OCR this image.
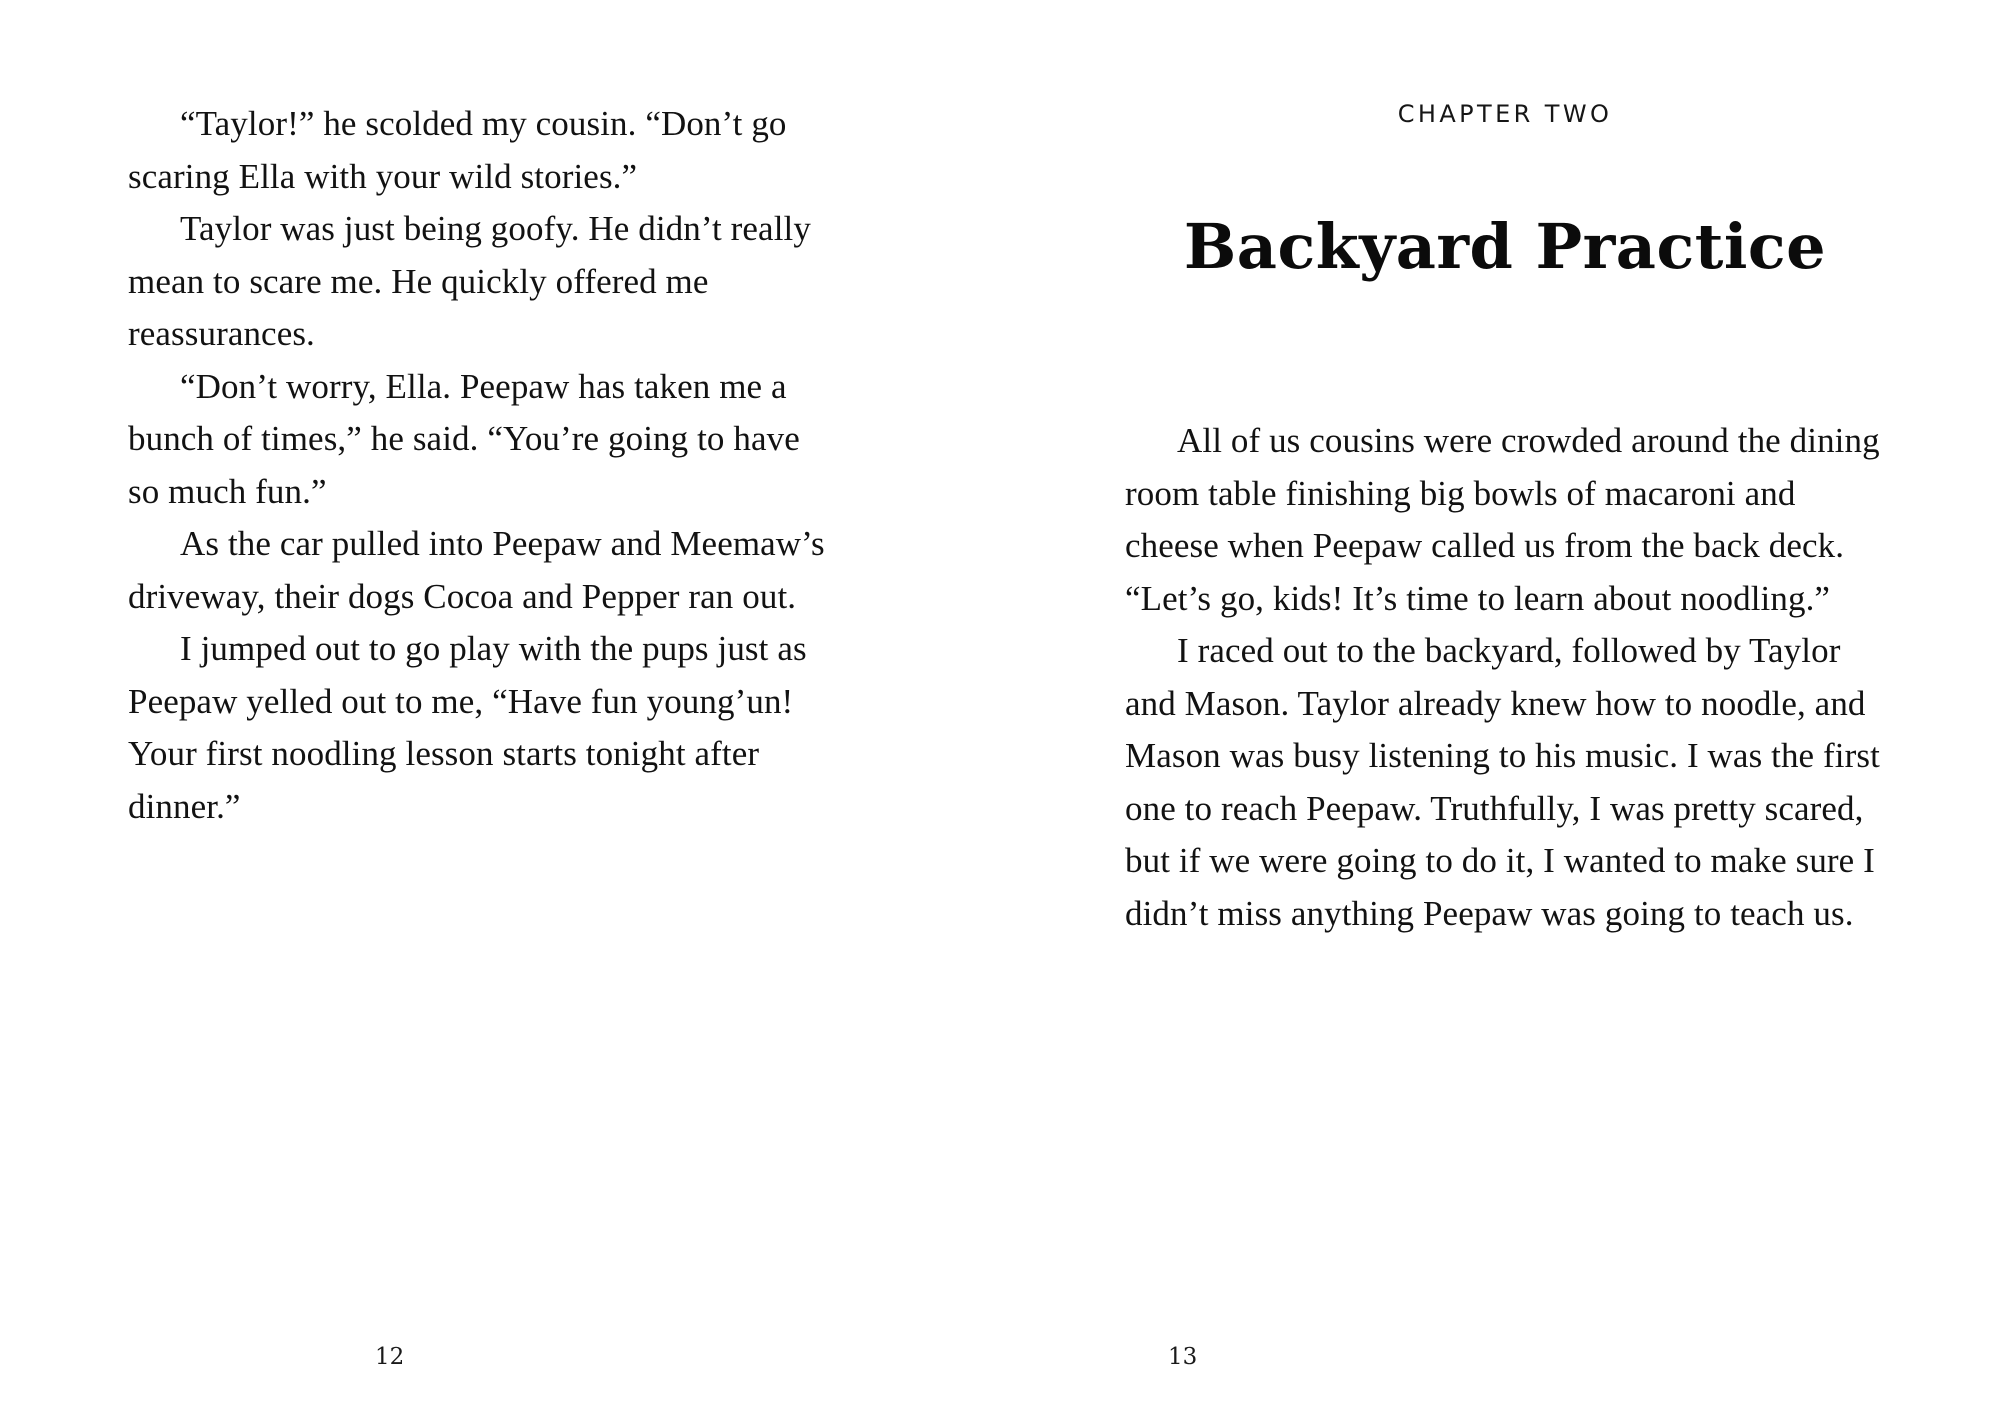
“Taylor!” he scolded my cousin. “Don’t go scaring Ella with your wild stories.”

Taylor was just being goofy. He didn’t really mean to scare me. He quickly offered me reassurances.

“Don’t worry, Ella. Peepaw has taken me a bunch of times,” he said. “You’re going to have so much fun.”

As the car pulled into Peepaw and Meemaw’s driveway, their dogs Cocoa and Pepper ran out.

I jumped out to go play with the pups just as Peepaw yelled out to me, “Have fun young’un! Your first noodling lesson starts tonight after dinner.”

12

CHAPTER TWO

Backyard Practice

All of us cousins were crowded around the dining room table finishing big bowls of macaroni and cheese when Peepaw called us from the back deck. “Let’s go, kids! It’s time to learn about noodling.”

I raced out to the backyard, followed by Taylor and Mason. Taylor already knew how to noodle, and Mason was busy listening to his music. I was the first one to reach Peepaw. Truthfully, I was pretty scared, but if we were going to do it, I wanted to make sure I didn’t miss anything Peepaw was going to teach us.

13
